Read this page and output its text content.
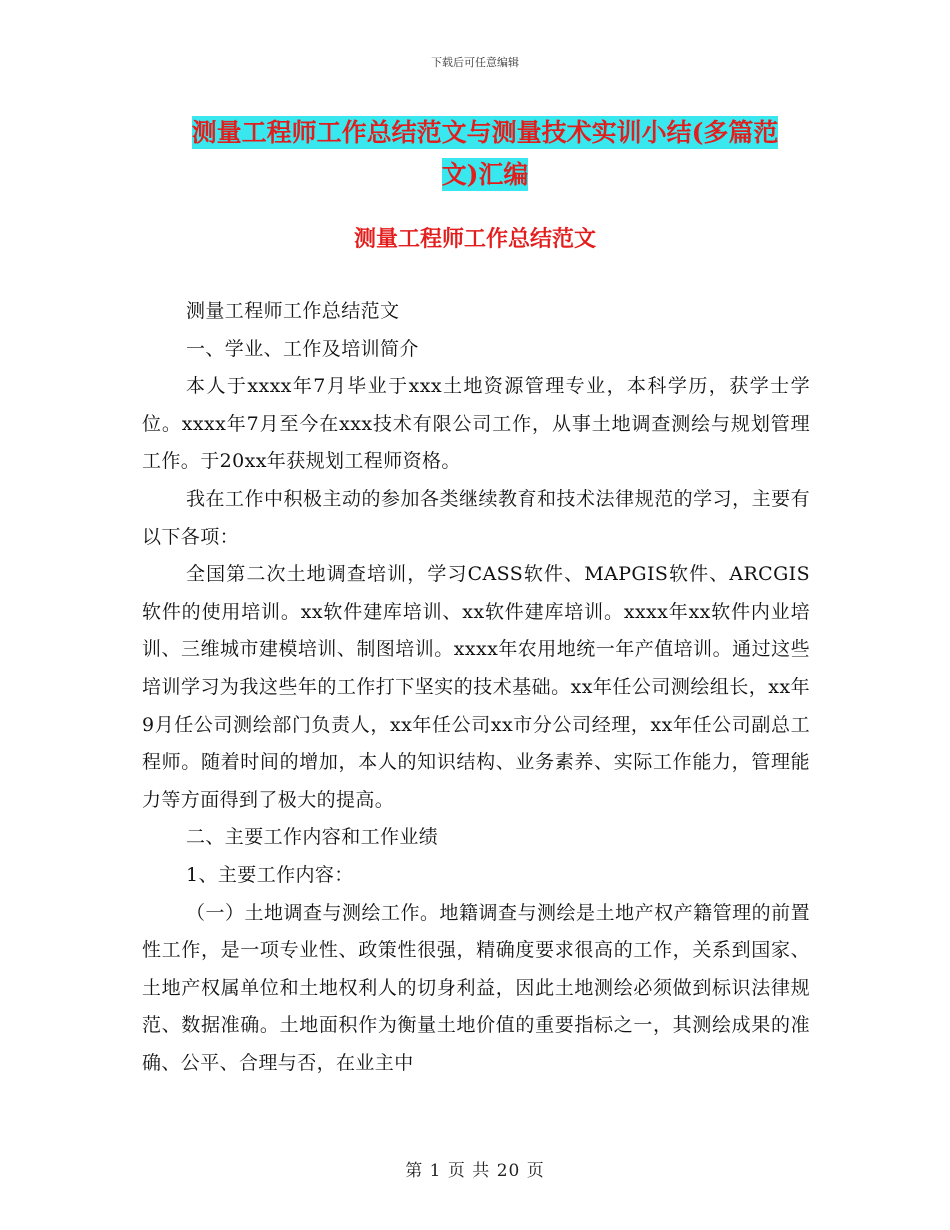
下载后可任意编辑
测量工程师工作总结范文与测量技术实训小结(多篇范
文)汇编
测量工程师工作总结范文

测量工程师工作总结范文

一、学业、工作及培训简介

本人于xxxx年7月毕业于xxx土地资源管理专业，本科学历，获学士学位。xxxx年7月至今在xxx技术有限公司工作，从事土地调查测绘与规划管理工作。于20xx年获规划工程师资格。

我在工作中积极主动的参加各类继续教育和技术法律规范的学习，主要有以下各项：

全国第二次土地调查培训，学习CASS软件、MAPGIS软件、ARCGIS软件的使用培训。xx软件建库培训、xx软件建库培训。xxxx年xx软件内业培训、三维城市建模培训、制图培训。xxxx年农用地统一年产值培训。通过这些培训学习为我这些年的工作打下坚实的技术基础。xx年任公司测绘组长，xx年9月任公司测绘部门负责人，xx年任公司xx市分公司经理，xx年任公司副总工程师。随着时间的增加，本人的知识结构、业务素养、实际工作能力，管理能力等方面得到了极大的提高。

二、主要工作内容和工作业绩

1、主要工作内容：

（一）土地调查与测绘工作。地籍调查与测绘是土地产权产籍管理的前置性工作，是一项专业性、政策性很强，精确度要求很高的工作，关系到国家、土地产权属单位和土地权利人的切身利益，因此土地测绘必须做到标识法律规范、数据准确。土地面积作为衡量土地价值的重要指标之一，其测绘成果的准确、公平、合理与否，在业主中

第 1 页 共 20 页
